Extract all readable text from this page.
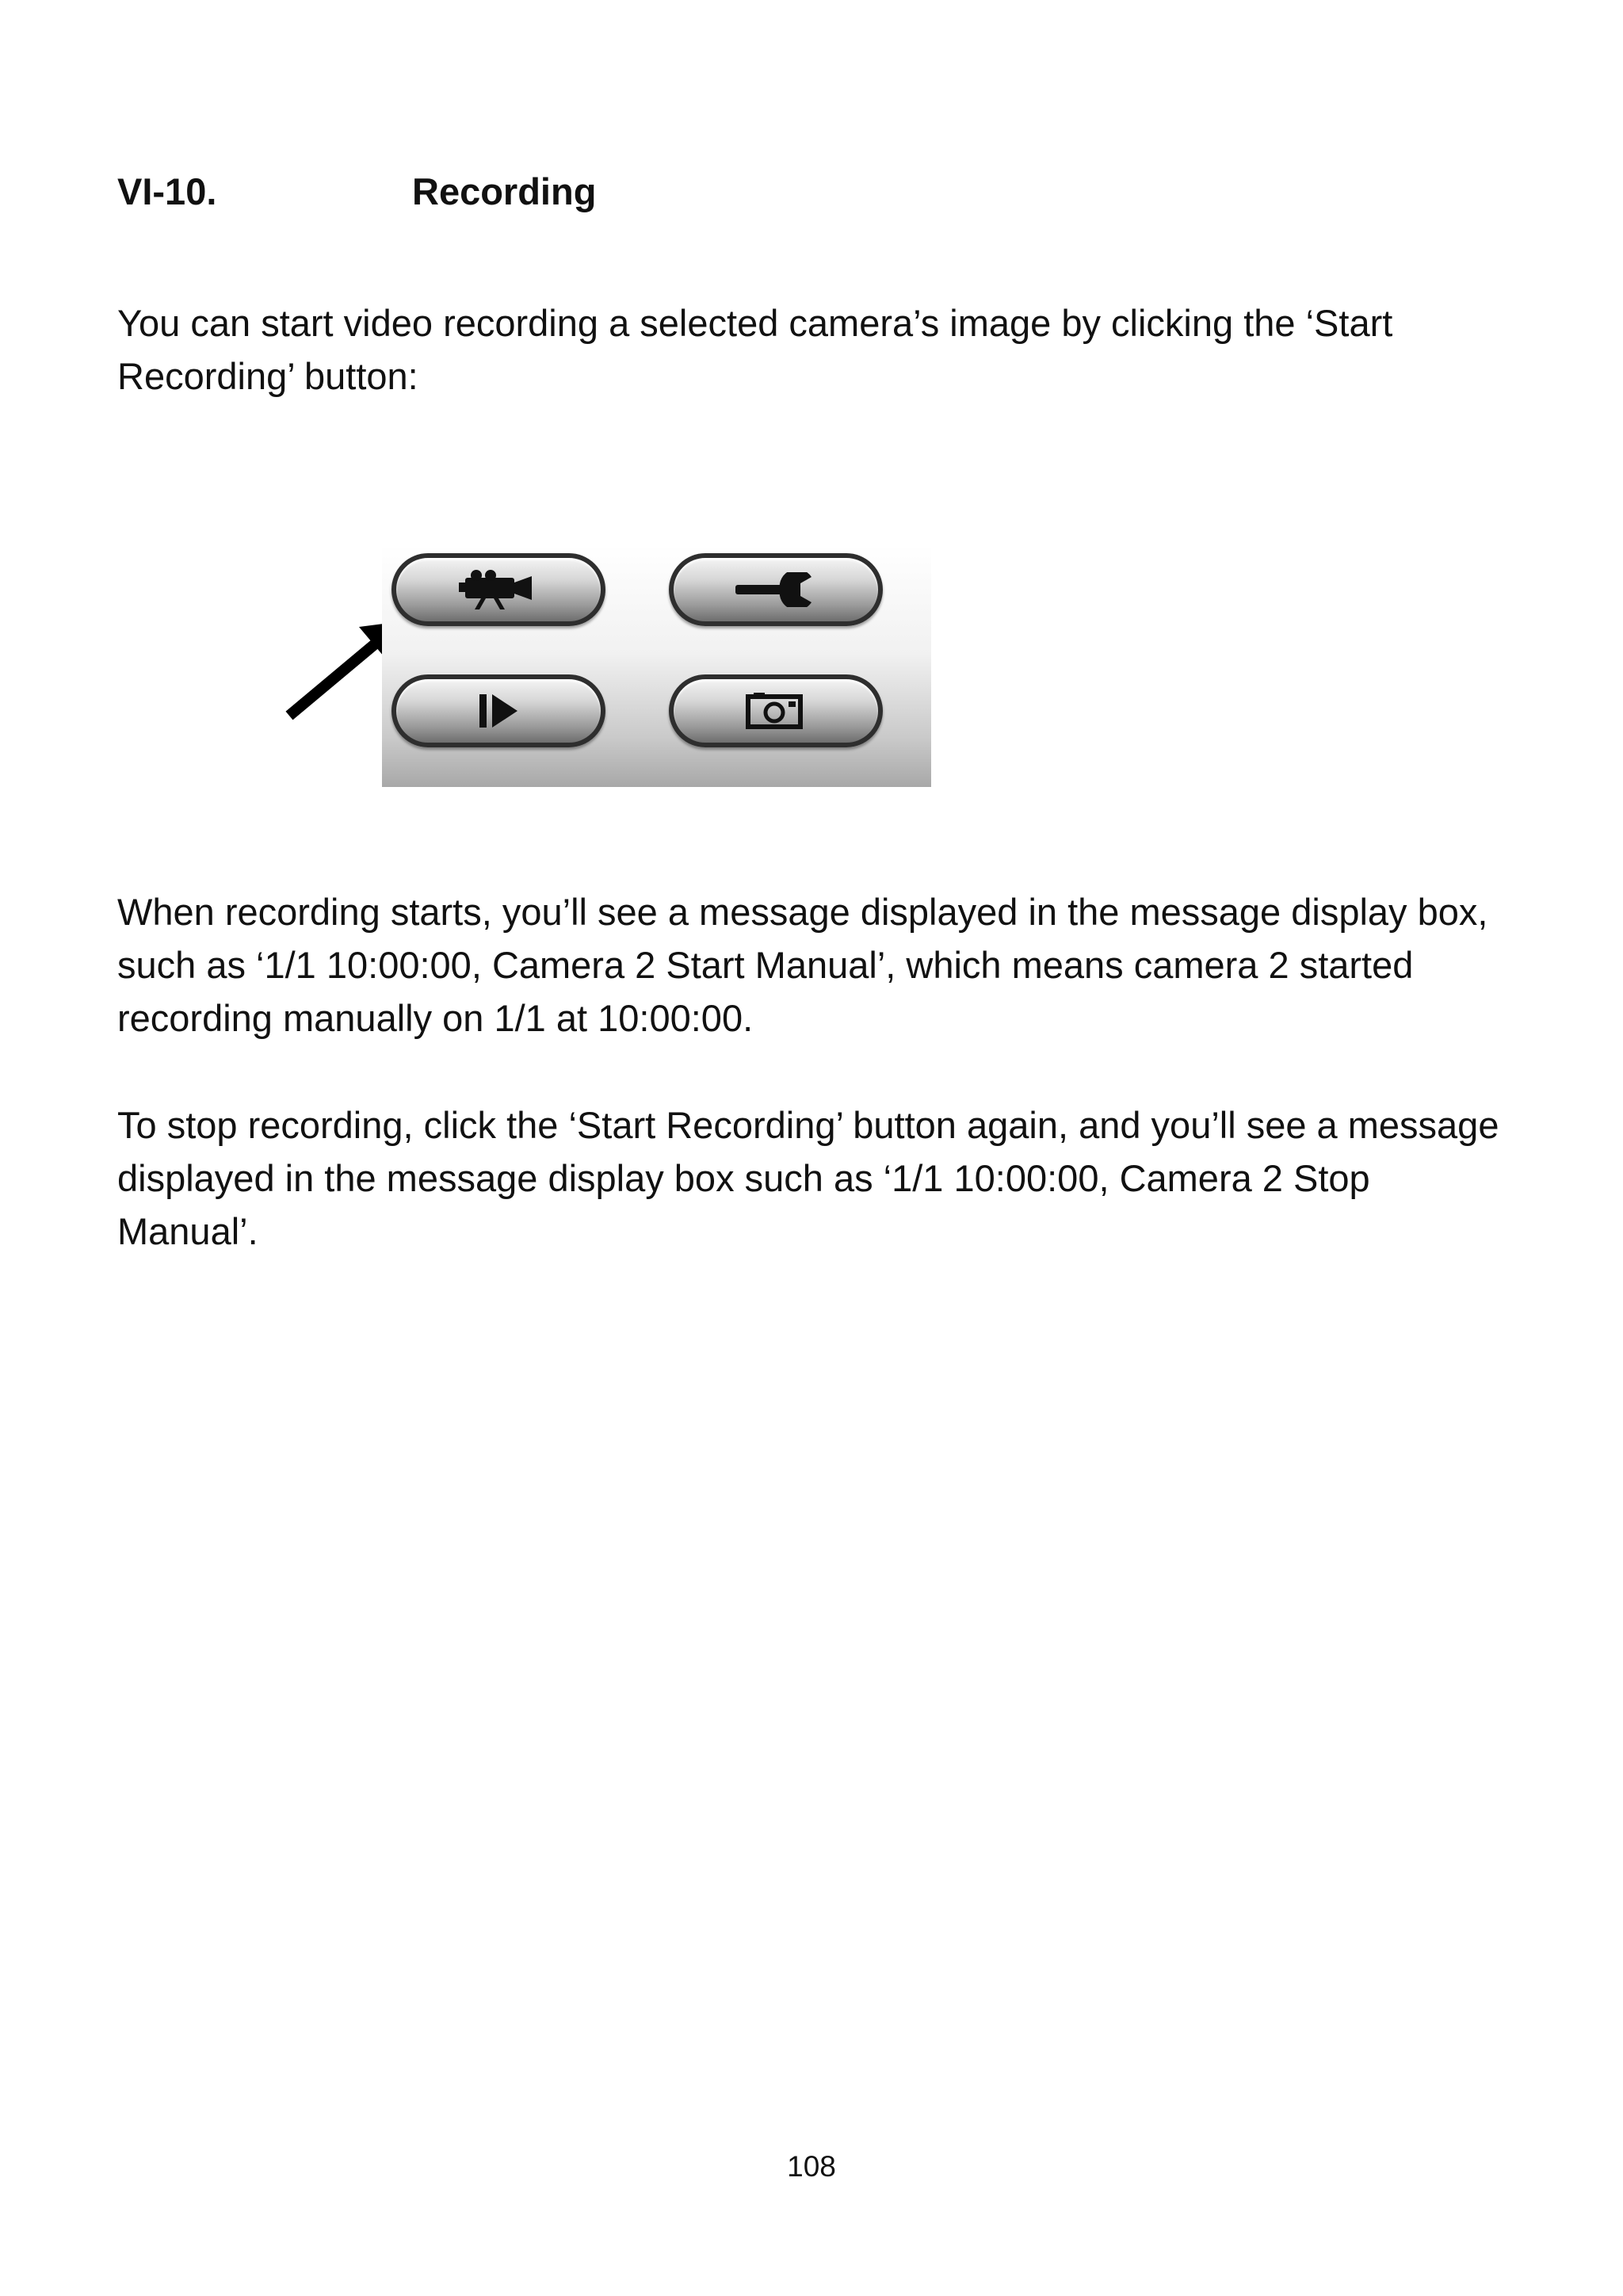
VI-10.	Recording

You can start video recording a selected camera’s image by clicking the ‘Start Recording’ button:

When recording starts, you’ll see a message displayed in the message display box, such as ‘1/1 10:00:00, Camera 2 Start Manual’, which means camera 2 started recording manually on 1/1 at 10:00:00.

To stop recording, click the ‘Start Recording’ button again, and you’ll see a message displayed in the message display box such as ‘1/1 10:00:00, Camera 2 Stop Manual’.

108
